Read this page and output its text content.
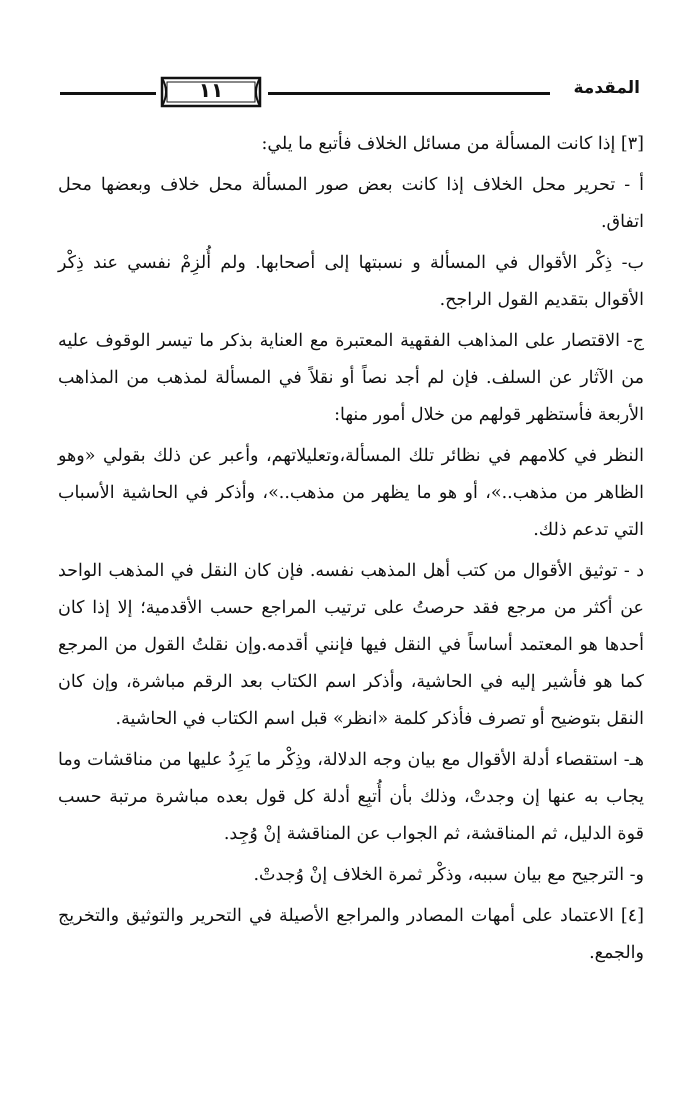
المقدمة
١١

[٣] إذا كانت المسألة من مسائل الخلاف فأتبع ما يلي:

أ - تحرير محل الخلاف إذا كانت بعض صور المسألة محل خلاف وبعضها محل اتفاق.

ب- ذِكْر الأقوال في المسألة و نسبتها إلى أصحابها. ولم أُلزِمْ نفسي عند ذِكْر الأقوال بتقديم القول الراجح.

ج- الاقتصار على المذاهب الفقهية المعتبرة مع العناية بذكر ما تيسر الوقوف عليه من الآثار عن السلف. فإن لم أجد نصاً أو نقلاً في المسألة لمذهب من المذاهب الأربعة فأستظهر قولهم من خلال أمور منها:

النظر في كلامهم في نظائر تلك المسألة،وتعليلاتهم، وأعبر عن ذلك بقولي «وهو الظاهر من مذهب..»، أو هو ما يظهر من مذهب..»، وأذكر في الحاشية الأسباب التي تدعم ذلك.

د - توثيق الأقوال من كتب أهل المذهب نفسه. فإن كان النقل في المذهب الواحد عن أكثر من مرجع فقد حرصتُ على ترتيب المراجع حسب الأقدمية؛ إلا إذا كان أحدها هو المعتمد أساساً في النقل فيها فإنني أقدمه.وإن نقلتُ القول من المرجع كما هو فأشير إليه في الحاشية، وأذكر اسم الكتاب بعد الرقم مباشرة، وإن كان النقل بتوضيح أو تصرف فأذكر كلمة «انظر» قبل اسم الكتاب في الحاشية.

هـ- استقصاء أدلة الأقوال مع بيان وجه الدلالة، وذِكْر ما يَرِدُ عليها من مناقشات وما يجاب به عنها إن وجدتْ، وذلك بأن أُتبِع أدلة كل قول بعده مباشرة مرتبة حسب قوة الدليل، ثم المناقشة، ثم الجواب عن المناقشة إنْ وُجِد.

و- الترجيح مع بيان سببه، وذكْر ثمرة الخلاف إنْ وُجدتْ.

[٤] الاعتماد على أمهات المصادر والمراجع الأصيلة في التحرير والتوثيق والتخريج والجمع.
